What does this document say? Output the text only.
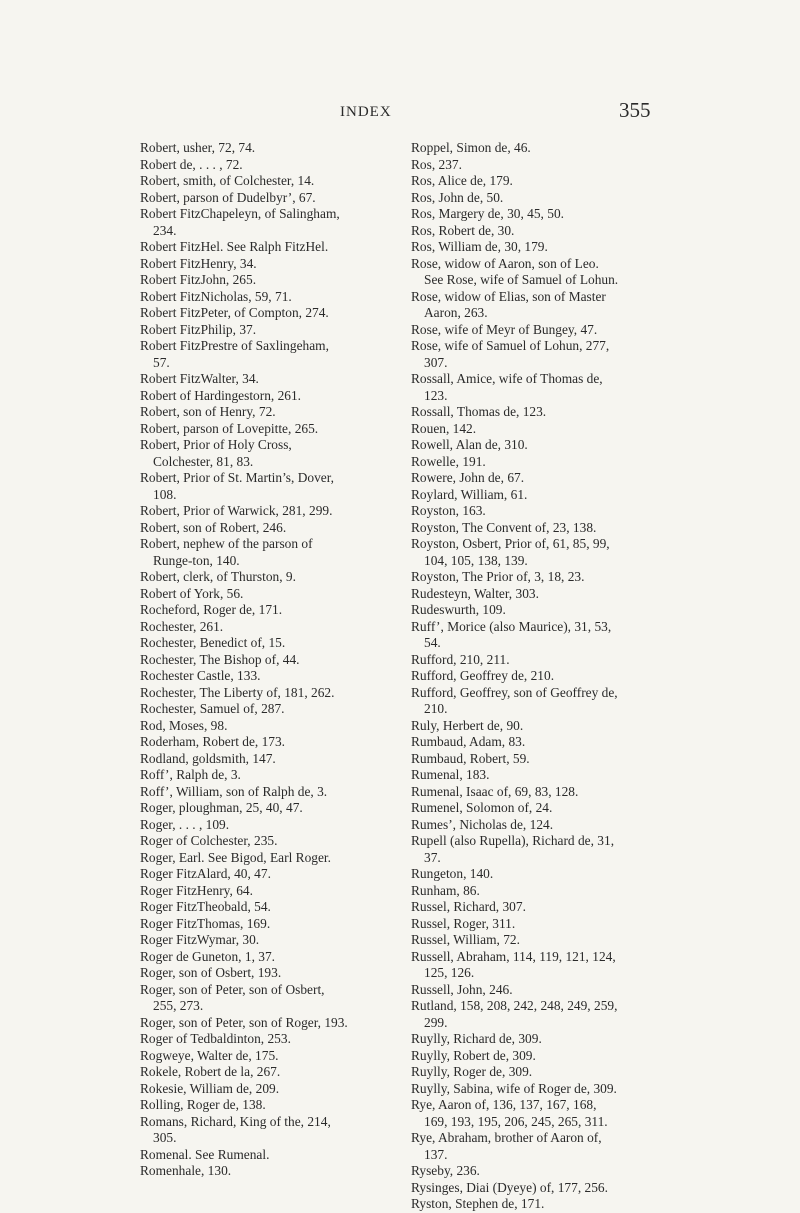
INDEX	355
Robert, usher, 72, 74.
Robert de, . . . , 72.
Robert, smith, of Colchester, 14.
Robert, parson of Dudelbyr’, 67.
Robert FitzChapeleyn, of Salingham, 234.
Robert FitzHel. See Ralph FitzHel.
Robert FitzHenry, 34.
Robert FitzJohn, 265.
Robert FitzNicholas, 59, 71.
Robert FitzPeter, of Compton, 274.
Robert FitzPhilip, 37.
Robert FitzPrestre of Saxlingeham, 57.
Robert FitzWalter, 34.
Robert of Hardingestorn, 261.
Robert, son of Henry, 72.
Robert, parson of Lovepitte, 265.
Robert, Prior of Holy Cross, Colchester, 81, 83.
Robert, Prior of St. Martin’s, Dover, 108.
Robert, Prior of Warwick, 281, 299.
Robert, son of Robert, 246.
Robert, nephew of the parson of Runge-ton, 140.
Robert, clerk, of Thurston, 9.
Robert of York, 56.
Rocheford, Roger de, 171.
Rochester, 261.
Rochester, Benedict of, 15.
Rochester, The Bishop of, 44.
Rochester Castle, 133.
Rochester, The Liberty of, 181, 262.
Rochester, Samuel of, 287.
Rod, Moses, 98.
Roderham, Robert de, 173.
Rodland, goldsmith, 147.
Roff’, Ralph de, 3.
Roff’, William, son of Ralph de, 3.
Roger, ploughman, 25, 40, 47.
Roger, . . . , 109.
Roger of Colchester, 235.
Roger, Earl. See Bigod, Earl Roger.
Roger FitzAlard, 40, 47.
Roger FitzHenry, 64.
Roger FitzTheobald, 54.
Roger FitzThomas, 169.
Roger FitzWymar, 30.
Roger de Guneton, 1, 37.
Roger, son of Osbert, 193.
Roger, son of Peter, son of Osbert, 255, 273.
Roger, son of Peter, son of Roger, 193.
Roger of Tedbaldinton, 253.
Rogweye, Walter de, 175.
Rokele, Robert de la, 267.
Rokesie, William de, 209.
Rolling, Roger de, 138.
Romans, Richard, King of the, 214, 305.
Romenal. See Rumenal.
Romenhale, 130.
Roppel, Simon de, 46.
Ros, 237.
Ros, Alice de, 179.
Ros, John de, 50.
Ros, Margery de, 30, 45, 50.
Ros, Robert de, 30.
Ros, William de, 30, 179.
Rose, widow of Aaron, son of Leo. See Rose, wife of Samuel of Lohun.
Rose, widow of Elias, son of Master Aaron, 263.
Rose, wife of Meyr of Bungey, 47.
Rose, wife of Samuel of Lohun, 277, 307.
Rossall, Amice, wife of Thomas de, 123.
Rossall, Thomas de, 123.
Rouen, 142.
Rowell, Alan de, 310.
Rowelle, 191.
Rowere, John de, 67.
Roylard, William, 61.
Royston, 163.
Royston, The Convent of, 23, 138.
Royston, Osbert, Prior of, 61, 85, 99, 104, 105, 138, 139.
Royston, The Prior of, 3, 18, 23.
Rudesteyn, Walter, 303.
Rudeswurth, 109.
Ruff’, Morice (also Maurice), 31, 53, 54.
Rufford, 210, 211.
Rufford, Geoffrey de, 210.
Rufford, Geoffrey, son of Geoffrey de, 210.
Ruly, Herbert de, 90.
Rumbaud, Adam, 83.
Rumbaud, Robert, 59.
Rumenal, 183.
Rumenal, Isaac of, 69, 83, 128.
Rumenel, Solomon of, 24.
Rumes’, Nicholas de, 124.
Rupell (also Rupella), Richard de, 31, 37.
Rungeton, 140.
Runham, 86.
Russel, Richard, 307.
Russel, Roger, 311.
Russel, William, 72.
Russell, Abraham, 114, 119, 121, 124, 125, 126.
Russell, John, 246.
Rutland, 158, 208, 242, 248, 249, 259, 299.
Ruylly, Richard de, 309.
Ruylly, Robert de, 309.
Ruylly, Roger de, 309.
Ruylly, Sabina, wife of Roger de, 309.
Rye, Aaron of, 136, 137, 167, 168, 169, 193, 195, 206, 245, 265, 311.
Rye, Abraham, brother of Aaron of, 137.
Ryseby, 236.
Rysinges, Diai (Dyeye) of, 177, 256.
Ryston, Stephen de, 171.
